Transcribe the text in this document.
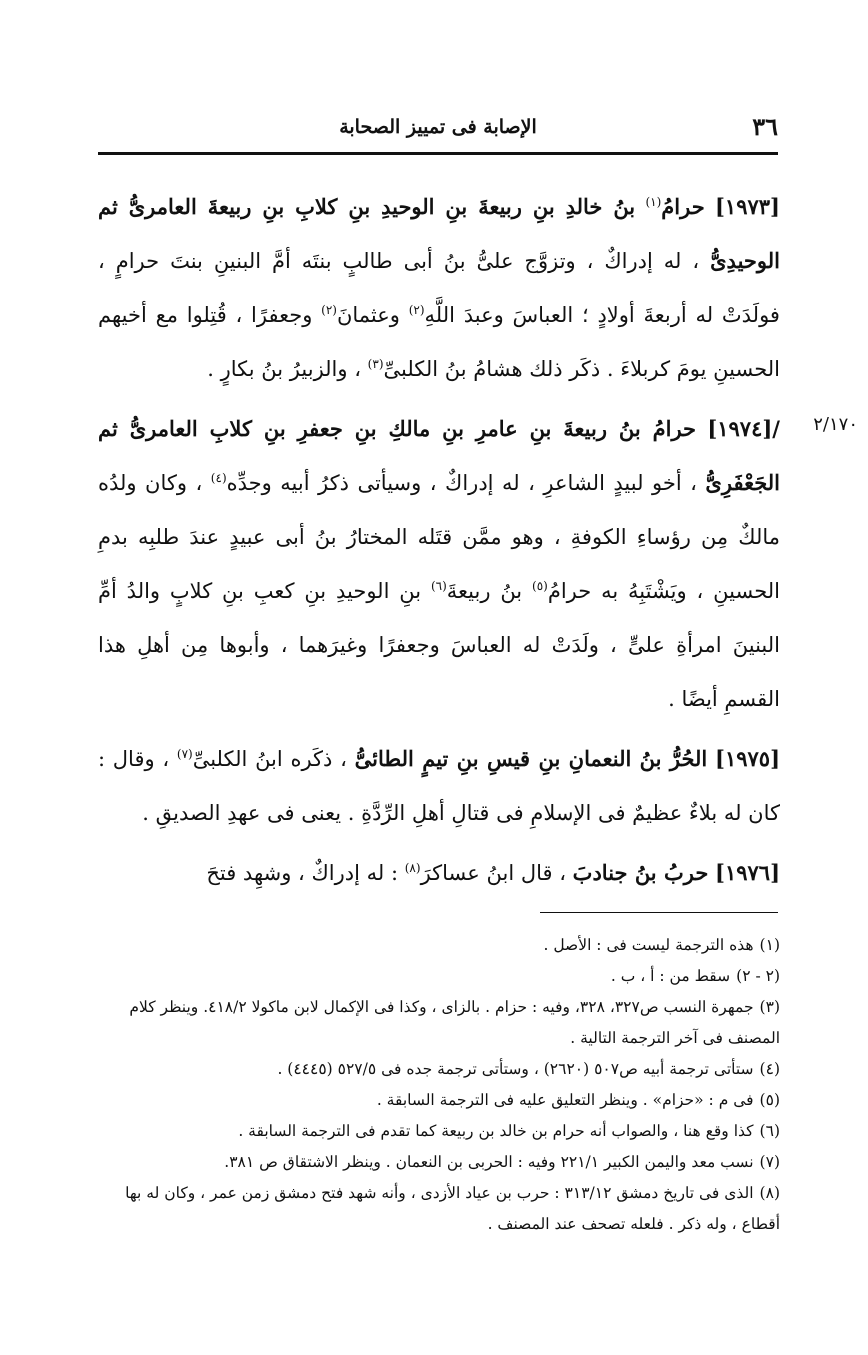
٣٦
الإصابة فى تمييز الصحابة
٢/١٧٠

[١٩٧٣] حرامُ$^{(١)}$ بنُ خالدِ بنِ ربيعةَ بنِ الوحيدِ بنِ كلابِ بنِ ربيعةَ العامرىُّ ثم الوحيدِىُّ ، له إدراكٌ ، وتزوَّج علىُّ بنُ أبى طالبٍ بنتَه أمَّ البنينِ بنتَ حرامٍ ، فولَدَتْ له أربعةَ أولادٍ ؛ العباسَ وعبدَ اللَّهِ$^{(٢)}$ وعثمانَ$^{(٢)}$ وجعفرًا ، قُتِلوا مع أخيهم الحسينِ يومَ كربلاءَ . ذكَر ذلك هشامُ بنُ الكلبىِّ$^{(٣)}$ ، والزبيرُ بنُ بكارٍ .

/[١٩٧٤] حرامُ بنُ ربيعةَ بنِ عامرِ بنِ مالكِ بنِ جعفرِ بنِ كلابِ العامرىُّ ثم الجَعْفَرِىُّ ، أخو لبيدٍ الشاعرِ ، له إدراكٌ ، وسيأتى ذكرُ أبيه وجدِّه$^{(٤)}$ ، وكان ولدُه مالكٌ مِن رؤساءِ الكوفةِ ، وهو ممَّن قتَله المختارُ بنُ أبى عبيدٍ عندَ طلبِه بدمِ الحسينِ ، ويَشْتَبِهُ به حرامُ$^{(٥)}$ بنُ ربيعةَ$^{(٦)}$ بنِ الوحيدِ بنِ كعبِ بنِ كلابٍ والدُ أمِّ البنينَ امرأةِ علىٍّ ، ولَدَتْ له العباسَ وجعفرًا وغيرَهما ، وأبوها مِن أهلِ هذا القسمِ أيضًا .

[١٩٧٥] الحُرُّ بنُ النعمانِ بنِ قيسِ بنِ تيمٍ الطائىُّ ، ذكَره ابنُ الكلبىِّ$^{(٧)}$ ، وقال : كان له بلاءٌ عظيمٌ فى الإسلامِ فى قتالِ أهلِ الرِّدَّةِ . يعنى فى عهدِ الصديقِ .

[١٩٧٦] حربُ بنُ جنادبَ ، قال ابنُ عساكرَ$^{(٨)}$ : له إدراكٌ ، وشهِد فتحَ

(١)هذه الترجمة ليست فى : الأصل .

(٢ - ٢)سقط من : أ ، ب .

(٣)جمهرة النسب ص٣٢٧، ٣٢٨، وفيه : حزام . بالزاى ، وكذا فى الإكمال لابن ماكولا ٤١٨/٢. وينظر كلام المصنف فى آخر الترجمة التالية .

(٤)ستأتى ترجمة أبيه ص٥٠٧ (٢٦٢٠) ، وستأتى ترجمة جده فى ٥٢٧/٥ (٤٤٤٥) .

(٥)فى م : «حزام» . وينظر التعليق عليه فى الترجمة السابقة .

(٦)كذا وقع هنا ، والصواب أنه حرام بن خالد بن ربيعة كما تقدم فى الترجمة السابقة .

(٧)نسب معد واليمن الكبير ٢٢١/١ وفيه : الحربى بن النعمان . وينظر الاشتقاق ص ٣٨١.

(٨)الذى فى تاريخ دمشق ٣١٣/١٢ : حرب بن عياد الأزدى ، وأنه شهد فتح دمشق زمن عمر ، وكان له بها أقطاع ، وله ذكر . فلعله تصحف عند المصنف .
